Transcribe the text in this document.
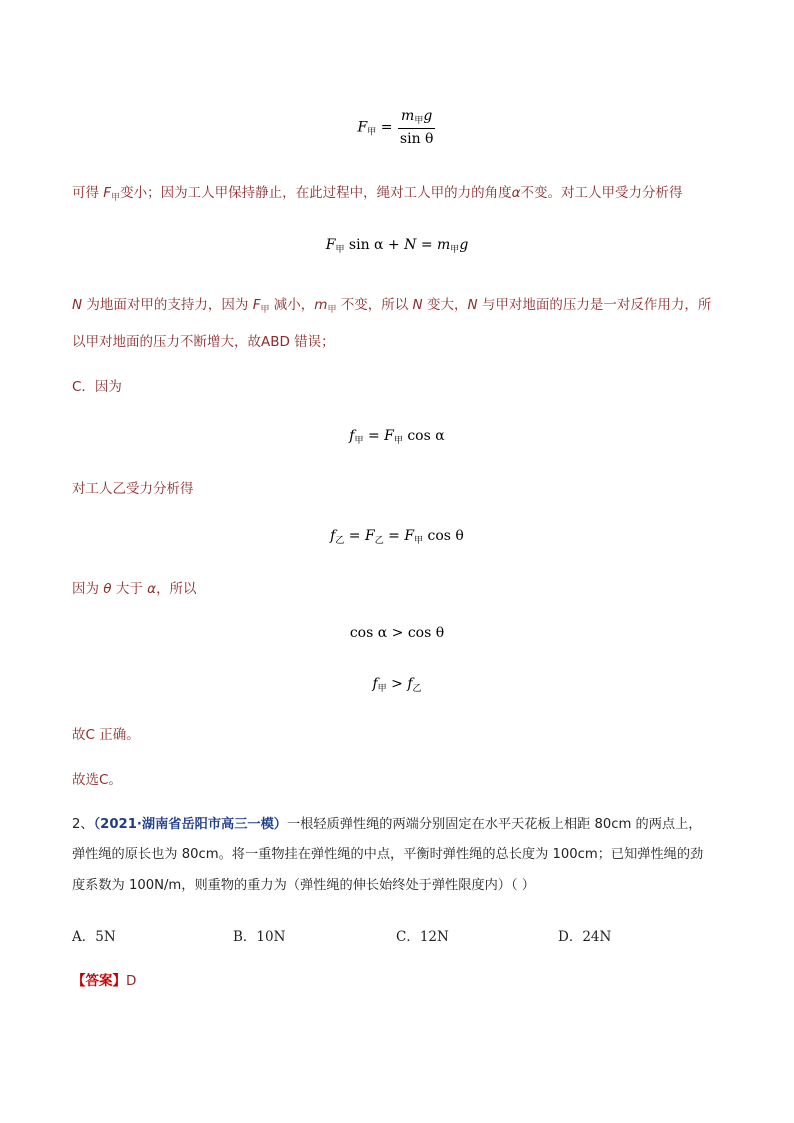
$F_甲 = \frac{m_甲g}{\text{sin θ}}$
可得 $F_甲$变小；因为工人甲保持静止，在此过程中，绳对工人甲的力的角度α不变。对工人甲受力分析得
$F_甲$ $\sin \alpha + N = m_甲g$
N 为地面对甲的支持力，因为 $F_甲$ 减小，$m_甲$ 不变，所以 N 变大，N 与甲对地面的压力是一对反作用力，所
以甲对地面的压力不断增大，故ABD 错误；
C．因为
$f_甲 = F_甲$ cos α
对工人乙受力分析得
$f_乙 = F_乙 = F_甲$ cos θ
因为 θ 大于 α，所以
cos α > cos θ
$f_甲 > f_乙$
故C 正确。
故选C。
2、（2021·湖南省岳阳市高三一模）一根轻质弹性绳的两端分别固定在水平天花板上相距 80cm 的两点上，
弹性绳的原长也为 80cm。将一重物挂在弹性绳的中点，平衡时弹性绳的总长度为 100cm；已知弹性绳的劲
度系数为 100N/m，则重物的重力为（弹性绳的伸长始终处于弹性限度内）（ ）
A．5N	B．10N	C．12N	D．24N
【答案】D
